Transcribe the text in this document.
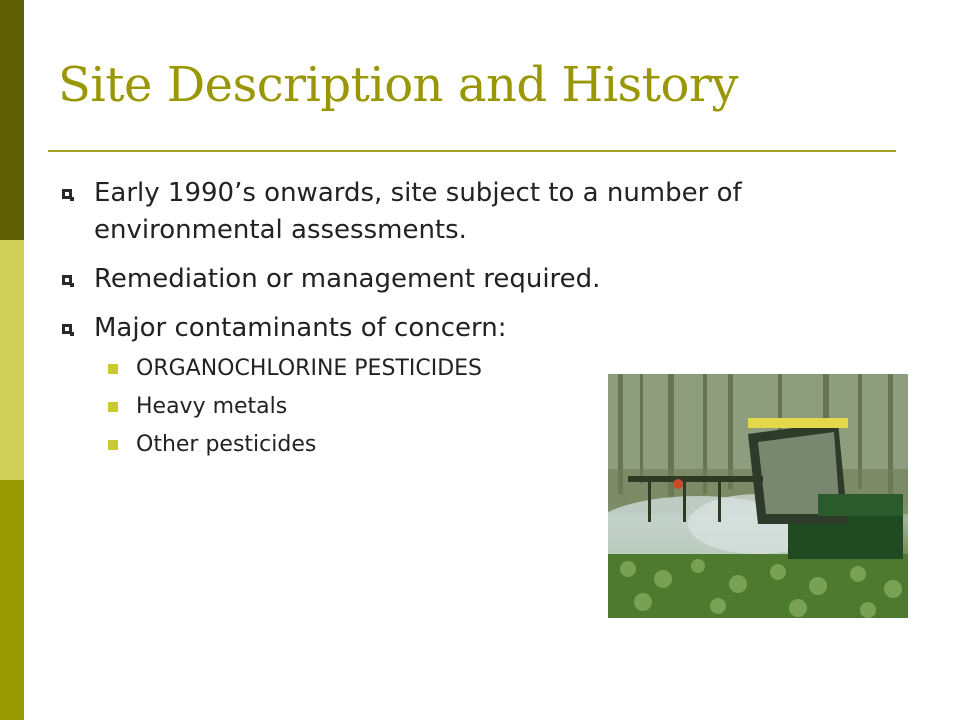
Site Description and History
Early 1990’s onwards, site subject to a number of environmental assessments.
Remediation or management required.
Major contaminants of concern:
ORGANOCHLORINE PESTICIDES
Heavy metals
Other pesticides
